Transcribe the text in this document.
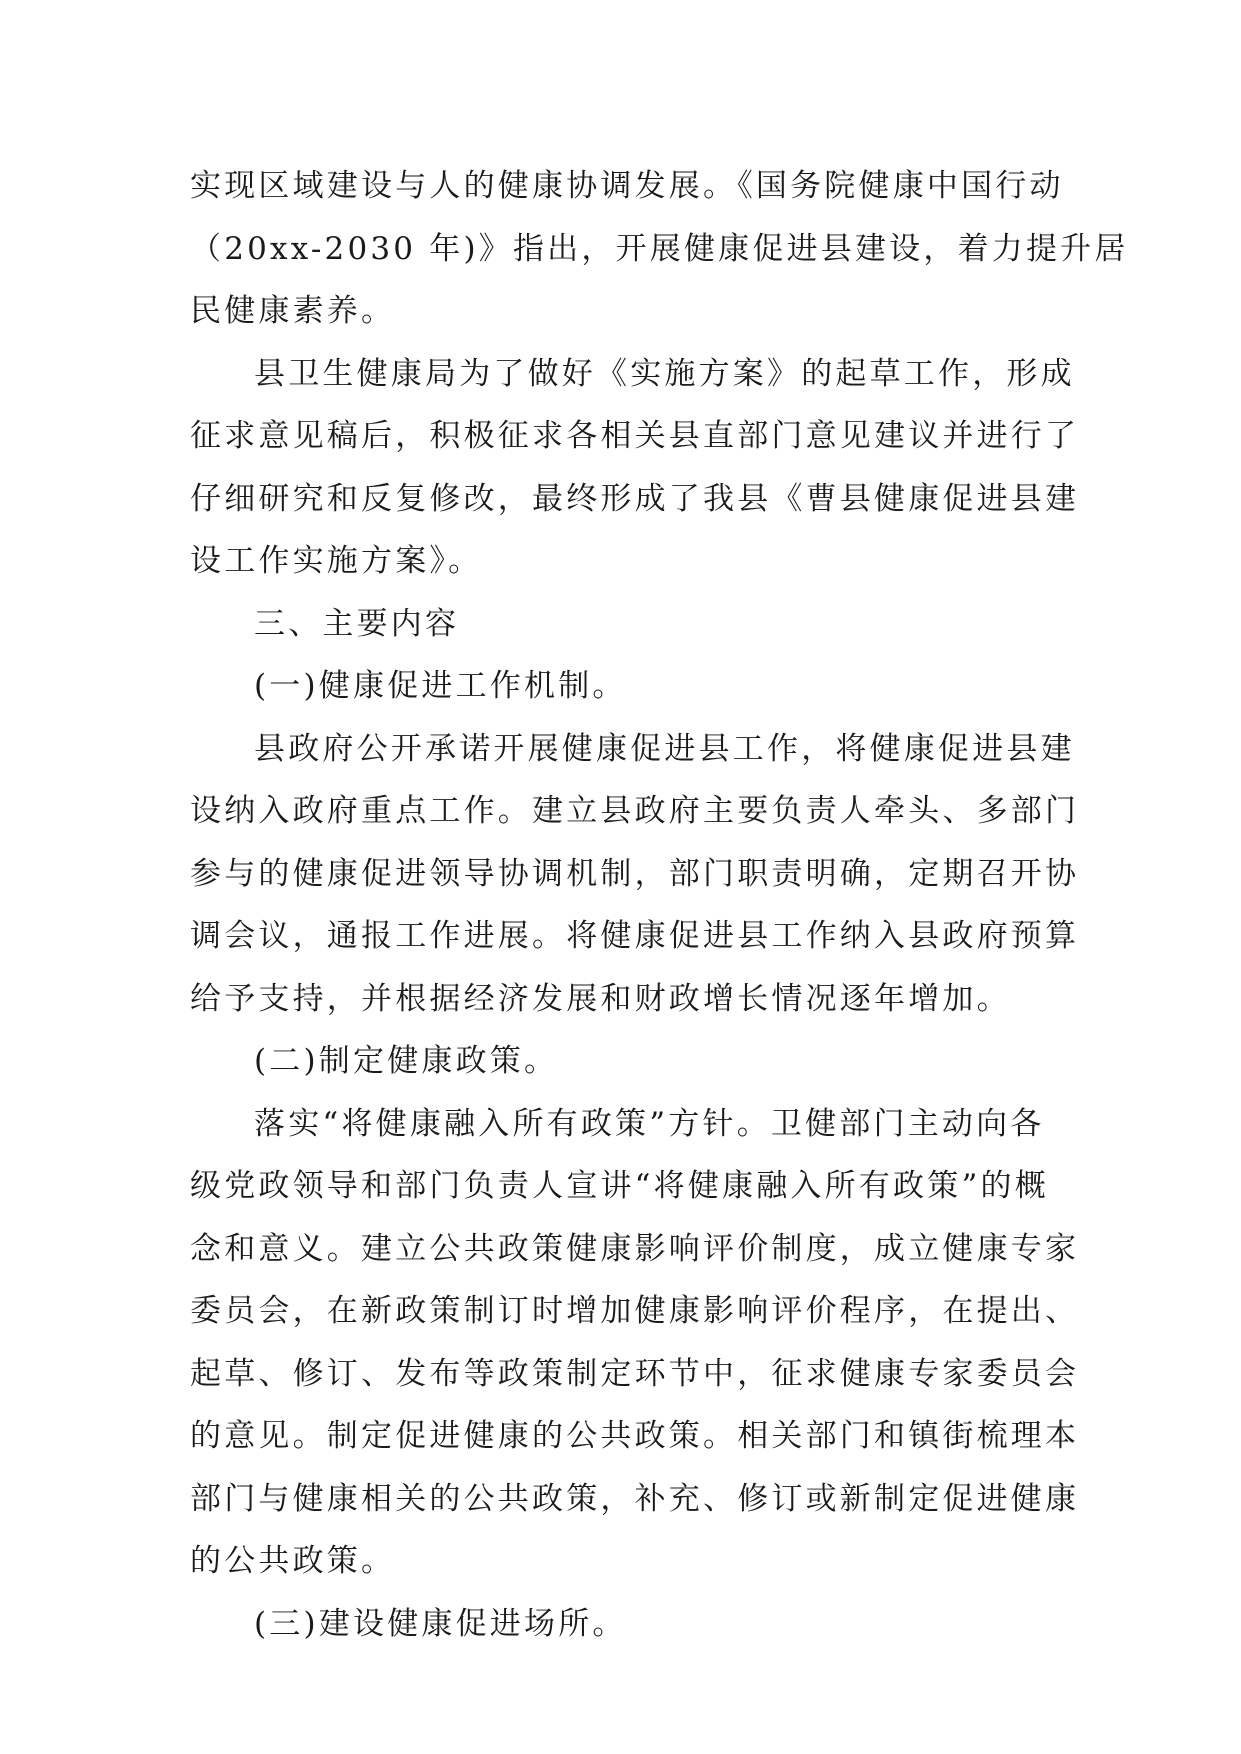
实现区域建设与人的健康协调发展。《国务院健康中国行动
（20xx-2030 年)》指出，开展健康促进县建设，着力提升居
民健康素养。
县卫生健康局为了做好《实施方案》的起草工作，形成
征求意见稿后，积极征求各相关县直部门意见建议并进行了
仔细研究和反复修改，最终形成了我县《曹县健康促进县建
设工作实施方案》。
三、主要内容
(一)健康促进工作机制。
县政府公开承诺开展健康促进县工作，将健康促进县建
设纳入政府重点工作。建立县政府主要负责人牵头、多部门
参与的健康促进领导协调机制，部门职责明确，定期召开协
调会议，通报工作进展。将健康促进县工作纳入县政府预算
给予支持，并根据经济发展和财政增长情况逐年增加。
(二)制定健康政策。
落实“将健康融入所有政策”方针。卫健部门主动向各
级党政领导和部门负责人宣讲“将健康融入所有政策”的概
念和意义。建立公共政策健康影响评价制度，成立健康专家
委员会，在新政策制订时增加健康影响评价程序，在提出、
起草、修订、发布等政策制定环节中，征求健康专家委员会
的意见。制定促进健康的公共政策。相关部门和镇街梳理本
部门与健康相关的公共政策，补充、修订或新制定促进健康
的公共政策。
(三)建设健康促进场所。
